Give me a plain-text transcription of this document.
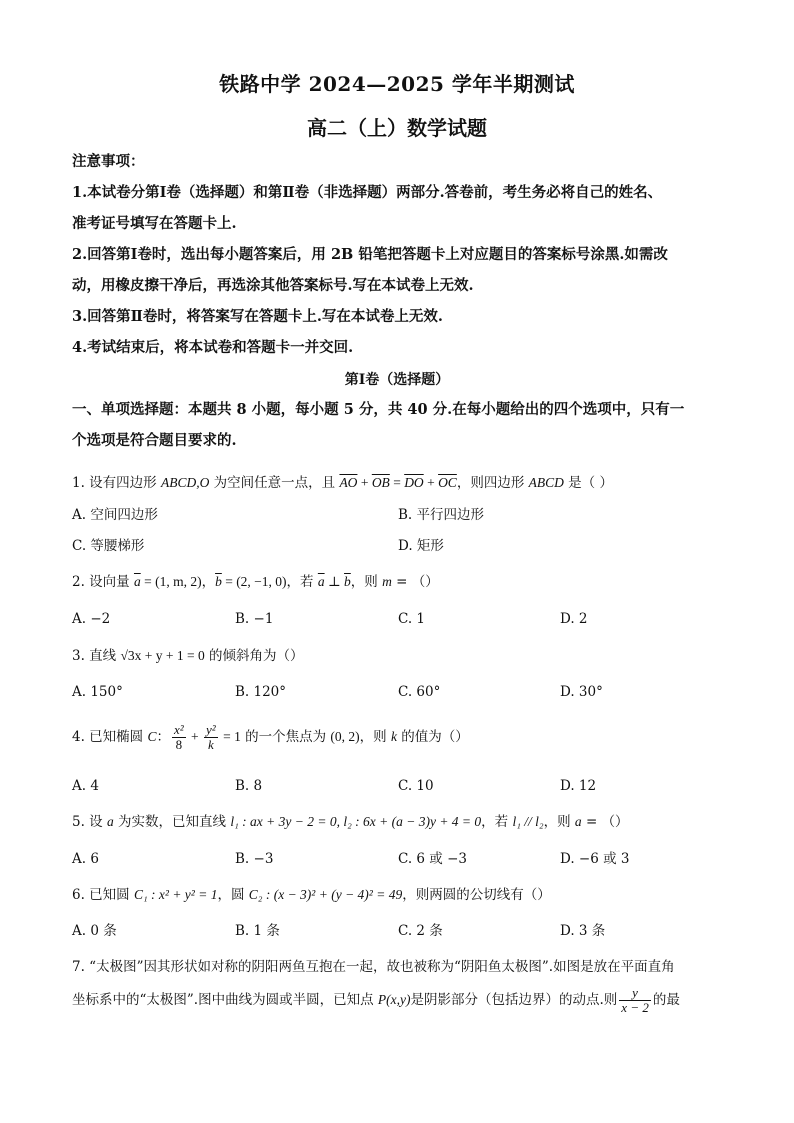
铁路中学 2024—2025 学年半期测试
高二（上）数学试题
注意事项：
1.本试卷分第Ⅰ卷（选择题）和第Ⅱ卷（非选择题）两部分.答卷前，考生务必将自己的姓名、
准考证号填写在答题卡上.
2.回答第Ⅰ卷时，选出每小题答案后，用 2B 铅笔把答题卡上对应题目的答案标号涂黑.如需改
动，用橡皮擦干净后，再选涂其他答案标号.写在本试卷上无效.
3.回答第Ⅱ卷时，将答案写在答题卡上.写在本试卷上无效.
4.考试结束后，将本试卷和答题卡一并交回.
第Ⅰ卷（选择题）
一、单项选择题：本题共 8 小题，每小题 5 分，共 40 分.在每小题给出的四个选项中，只有一
个选项是符合题目要求的.
1. 设有四边形 ABCD,O 为空间任意一点，且 $\overline{AO} + \overline{OB} = \overline{DO} + \overline{OC}$，则四边形 ABCD 是（ ）
A. 空间四边形	B. 平行四边形
C. 等腰梯形	D. 矩形
2. 设向量 $\overline{a} = (1$, m, 2)，$\overline{b} = (2$, −1, 0)，若 $\overline{a}$ ⊥ $\overline{b}$，则 m = （）
A. −2	B. −1	C. 1	D. 2
3. 直线 √3x + y + 1 = 0 的倾斜角为（）
A. 150°	B. 120°	C. 60°	D. 30°
4. 已知椭圆 C： $\frac{\text{x²}}{8} + \frac{\text{y²}}{k} = 1$ 的一个焦点为 (0, 2)，则 k 的值为（）
A. 4	B. 8	C. 10	D. 12
5. 设 a 为实数，已知直线 l₁ : ax + 3y − 2 = 0, l₂ : 6x + (a − 3)y + 4 = 0，若 l₁ // l₂，则 a = （）
A. 6	B. −3	C. 6 或 −3	D. −6 或 3
6. 已知圆 C₁ : x² + y² = 1，圆 C₂ : (x − 3)² + (y − 4)² = 49，则两圆的公切线有（）
A. 0 条	B. 1 条	C. 2 条	D. 3 条
7. “太极图”因其形状如对称的阴阳两鱼互抱在一起，故也被称为“阴阳鱼太极图”.如图是放在平面直角
坐标系中的“太极图”.图中曲线为圆或半圆，已知点 P(x,y)是阴影部分（包括边界）的动点.则 $\frac{y}{x - 2}$ 的最
